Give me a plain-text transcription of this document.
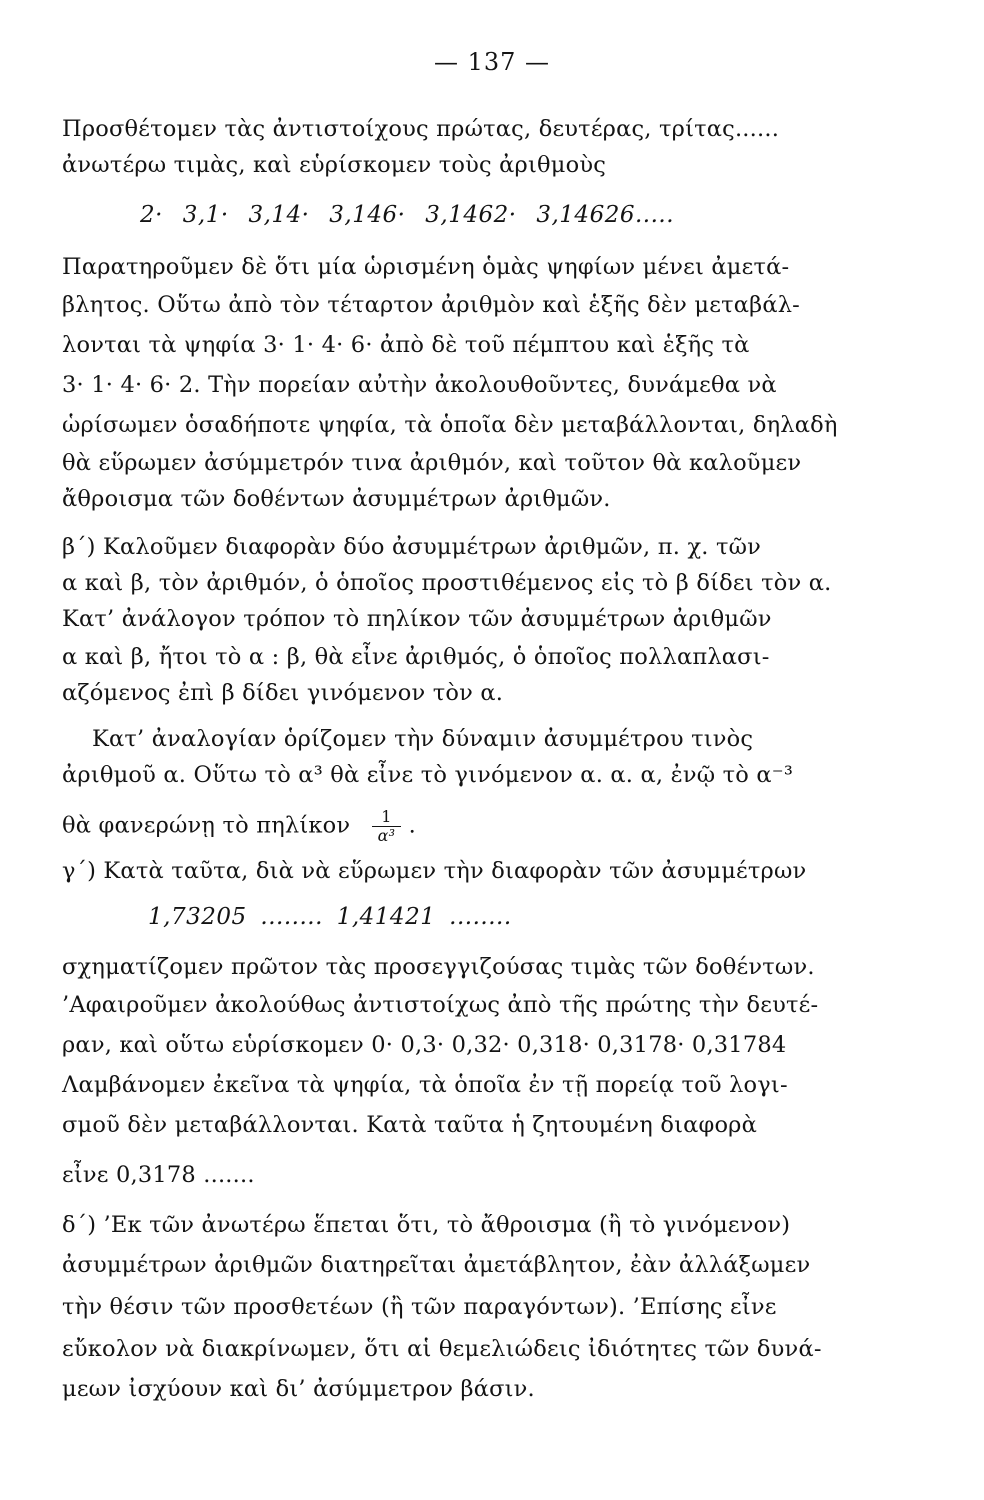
— 137 —
Προσθέτομεν τὰς ἀντιστοίχους πρώτας, δευτέρας, τρίτας......
ἀνωτέρω τιμὰς, καὶ εὑρίσκομεν τοὺς ἀριθμοὺς
2· 3,1· 3,14· 3,146· 3,1462· 3,14626.....
Παρατηροῦμεν δὲ ὅτι μία ὡρισμένη ὁμὰς ψηφίων μένει ἀμετά-
βλητος. Οὕτω ἀπὸ τὸν τέταρτον ἀριθμὸν καὶ ἑξῆς δὲν μεταβάλ-
λονται τὰ ψηφία 3· 1· 4· 6· ἀπὸ δὲ τοῦ πέμπτου καὶ ἑξῆς τὰ
3· 1· 4· 6· 2. Τὴν πορείαν αὐτὴν ἀκολουθοῦντες, δυνάμεθα νὰ
ὡρίσωμεν ὁσαδήποτε ψηφία, τὰ ὁποῖα δὲν μεταβάλλονται, δηλαδὴ
θὰ εὕρωμεν ἀσύμμετρόν τινα ἀριθμόν, καὶ τοῦτον θὰ καλοῦμεν
ἄθροισμα τῶν δοθέντων ἀσυμμέτρων ἀριθμῶν.
β΄) Καλοῦμεν διαφορὰν δύο ἀσυμμέτρων ἀριθμῶν, π. χ. τῶν
α καὶ β, τὸν ἀριθμόν, ὁ ὁποῖος προστιθέμενος εἰς τὸ β δίδει τὸν α.
Κατ’ ἀνάλογον τρόπον τὸ πηλίκον τῶν ἀσυμμέτρων ἀριθμῶν
α καὶ β, ἤτοι τὸ α : β, θὰ εἶνε ἀριθμός, ὁ ὁποῖος πολλαπλασι-
αζόμενος ἐπὶ β δίδει γινόμενον τὸν α.
Κατ’ ἀναλογίαν ὁρίζομεν τὴν δύναμιν ἀσυμμέτρου τινὸς
ἀριθμοῦ α. Οὕτω τὸ α³ θὰ εἶνε τὸ γινόμενον α. α. α, ἐνῷ τὸ α⁻³
θὰ φανερώνῃ τὸ πηλίκον $\frac{1}{\text{α³}}$ .
γ΄) Κατὰ ταῦτα, διὰ νὰ εὕρωμεν τὴν διαφορὰν τῶν ἀσυμμέτρων
1,73205 ........ 1,41421 ........
σχηματίζομεν πρῶτον τὰς προσεγγιζούσας τιμὰς τῶν δοθέντων.
’Αφαιροῦμεν ἀκολούθως ἀντιστοίχως ἀπὸ τῆς πρώτης τὴν δευτέ-
ραν, καὶ οὕτω εὑρίσκομεν 0· 0,3· 0,32· 0,318· 0,3178· 0,31784
Λαμβάνομεν ἐκεῖνα τὰ ψηφία, τὰ ὁποῖα ἐν τῇ πορείᾳ τοῦ λογι-
σμοῦ δὲν μεταβάλλονται. Κατὰ ταῦτα ἡ ζητουμένη διαφορὰ
εἶνε 0,3178 .......
δ΄) ’Εκ τῶν ἀνωτέρω ἕπεται ὅτι, τὸ ἄθροισμα (ἢ τὸ γινόμενον)
ἀσυμμέτρων ἀριθμῶν διατηρεῖται ἀμετάβλητον, ἐὰν ἀλλάξωμεν
τὴν θέσιν τῶν προσθετέων (ἢ τῶν παραγόντων). ’Επίσης εἶνε
εὔκολον νὰ διακρίνωμεν, ὅτι αἱ θεμελιώδεις ἰδιότητες τῶν δυνά-
μεων ἰσχύουν καὶ δι’ ἀσύμμετρον βάσιν.
